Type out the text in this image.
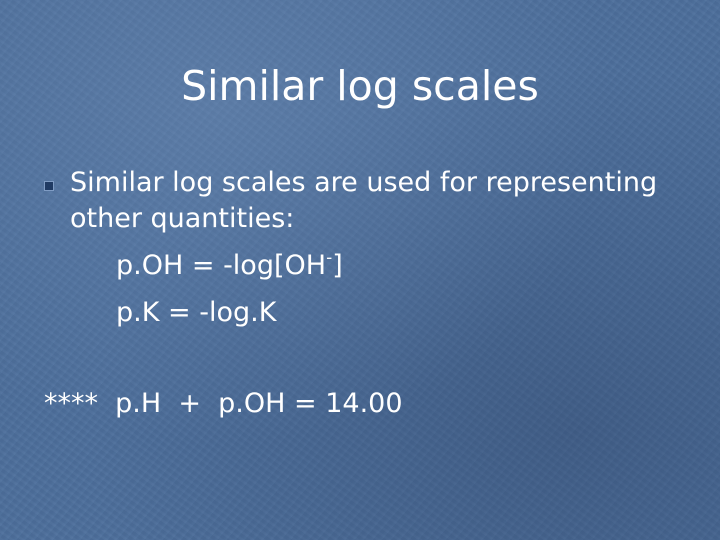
Similar log scales
Similar log scales are used for representing other quantities:
p.OH = -log[OH-]
p.K = -log.K
****  p.H  +  p.OH = 14.00
